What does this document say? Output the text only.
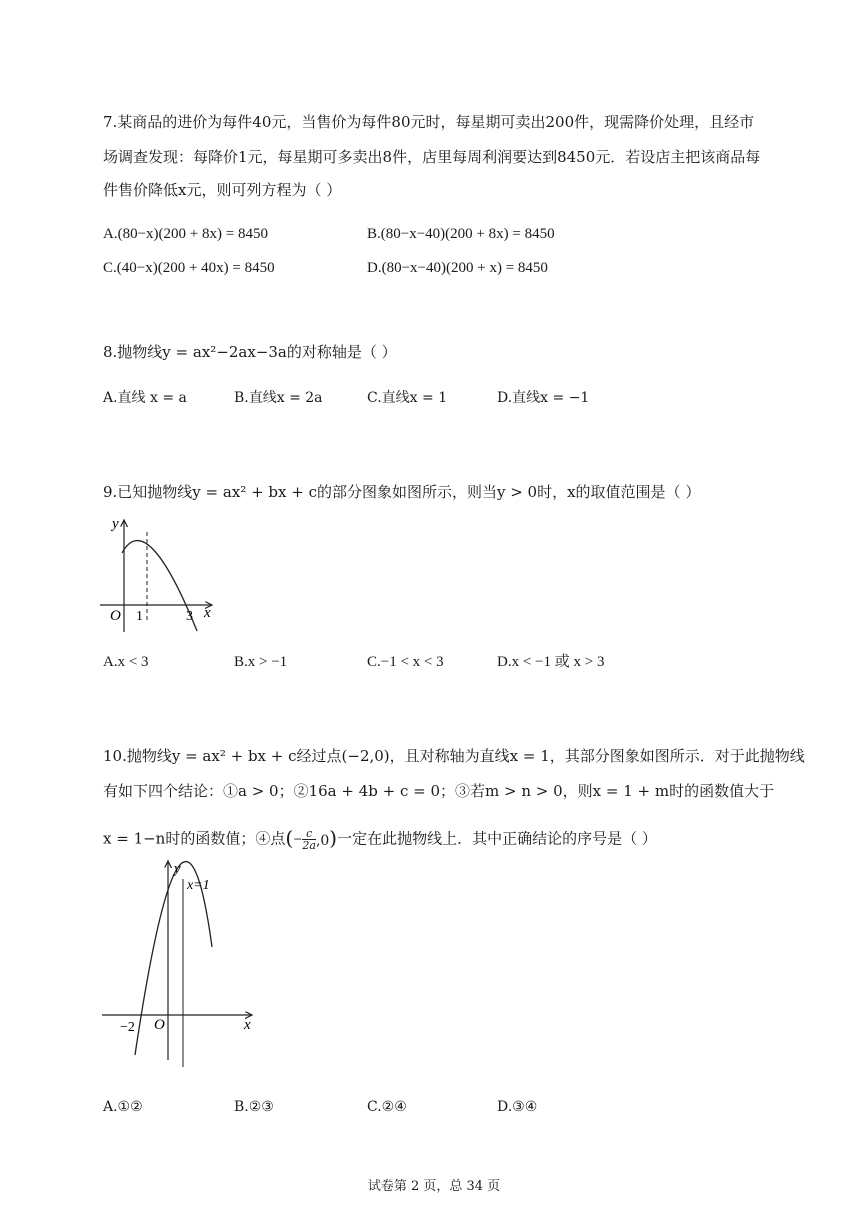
7.某商品的进价为每件40元，当售价为每件80元时，每星期可卖出200件，现需降价处理，且经市
场调查发现：每降价1元，每星期可多卖出8件，店里每周利润要达到8450元．若设店主把该商品每
件售价降低x元，则可列方程为（ ）
A.(80−x)(200 + 8x) = 8450	B.(80−x−40)(200 + 8x) = 8450
C.(40−x)(200 + 40x) = 8450	D.(80−x−40)(200 + x) = 8450
8.抛物线y = ax²−2ax−3a的对称轴是（ ）
A.直线 x = a	B.直线x = 2a	C.直线x = 1	D.直线x = −1
9.已知抛物线y = ax² + bx + c的部分图象如图所示，则当y > 0时，x的取值范围是（ ）
y
x
O 1	3
A.x < 3	B.x > −1	C.−1 < x < 3	D.x < −1 或 x > 3
10.抛物线y = ax² + bx + c经过点(−2,0)，且对称轴为直线x = 1，其部分图象如图所示．对于此抛物线
有如下四个结论：①a > 0；②16a + 4b + c = 0；③若m > n > 0，则x = 1 + m时的函数值大于
x = 1−n时的函数值；④点(− $\frac{c}{2a} ,0$)一定在此抛物线上．其中正确结论的序号是（ ）
y
x=1
x
O
−2
A.①②	B.②③	C.②④	D.③④
试卷第 2 页，总 34 页
